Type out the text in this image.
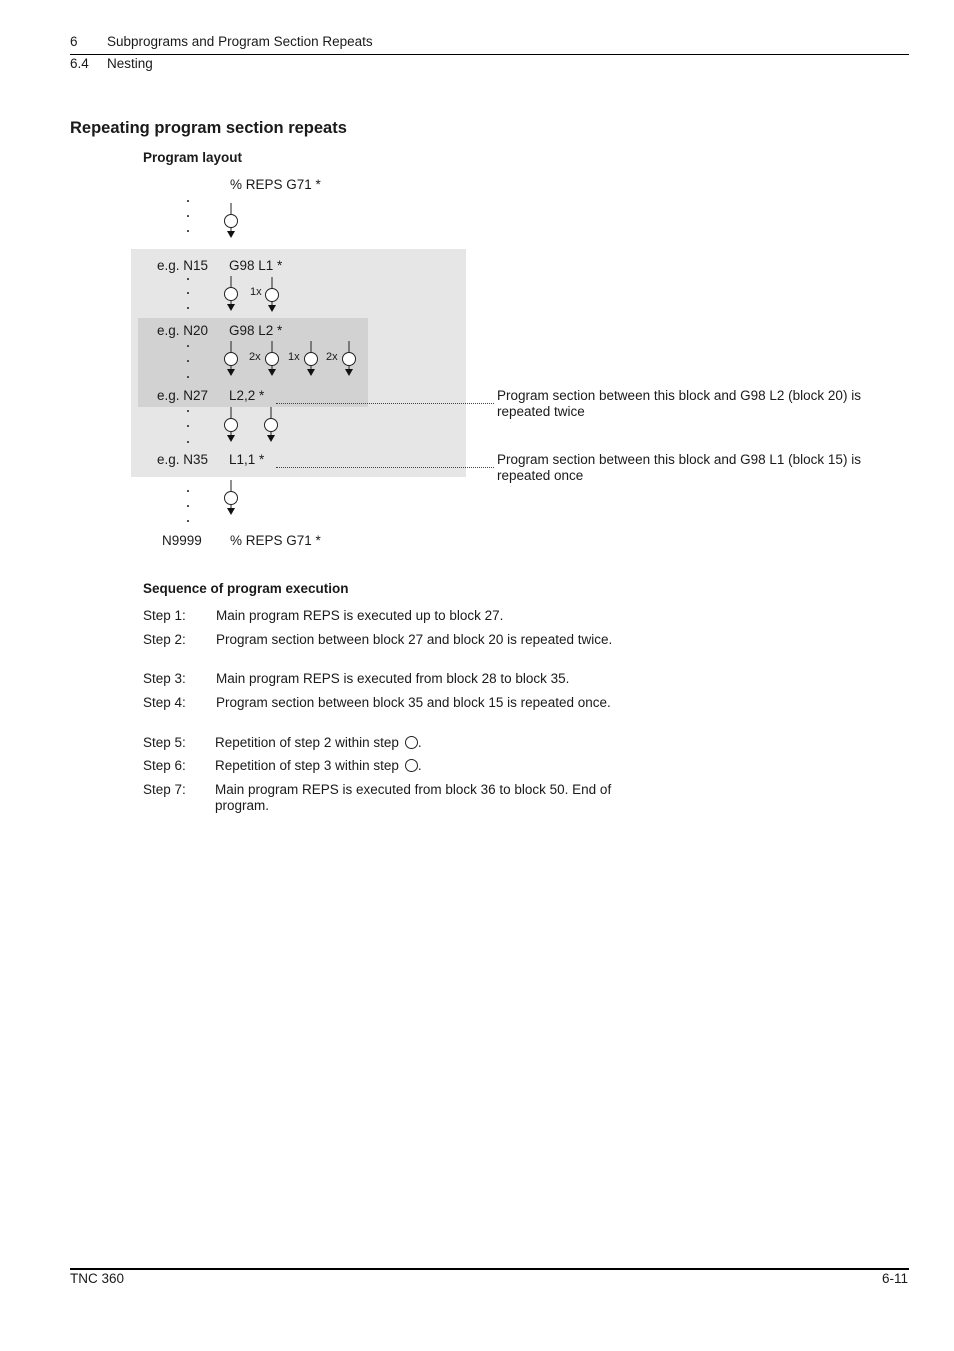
6 Subprograms and Program Section Repeats
6.4 Nesting
Repeating program section repeats
Program layout
% REPS G71 *
e.g. N15 G98 L1 *
e.g. N20 G98 L2 *
e.g. N27 L2,2 *	Program section between this block and G98 L2 (block 20) is repeated twice
e.g. N35 L1,1 *	Program section between this block and G98 L1 (block 15) is repeated once
N9999 % REPS G71 *
1x
2x 1x 2x
Sequence of program execution
Step 1: Main program REPS is executed up to block 27.
Step 2: Program section between block 27 and block 20 is repeated twice.
Step 3: Main program REPS is executed from block 28 to block 35.
Step 4: Program section between block 35 and block 15 is repeated once.
Step 5: Repetition of step 2 within step .
Step 6: Repetition of step 3 within step .
Step 7: Main program REPS is executed from block 36 to block 50. End of program.
TNC 360	6-11
